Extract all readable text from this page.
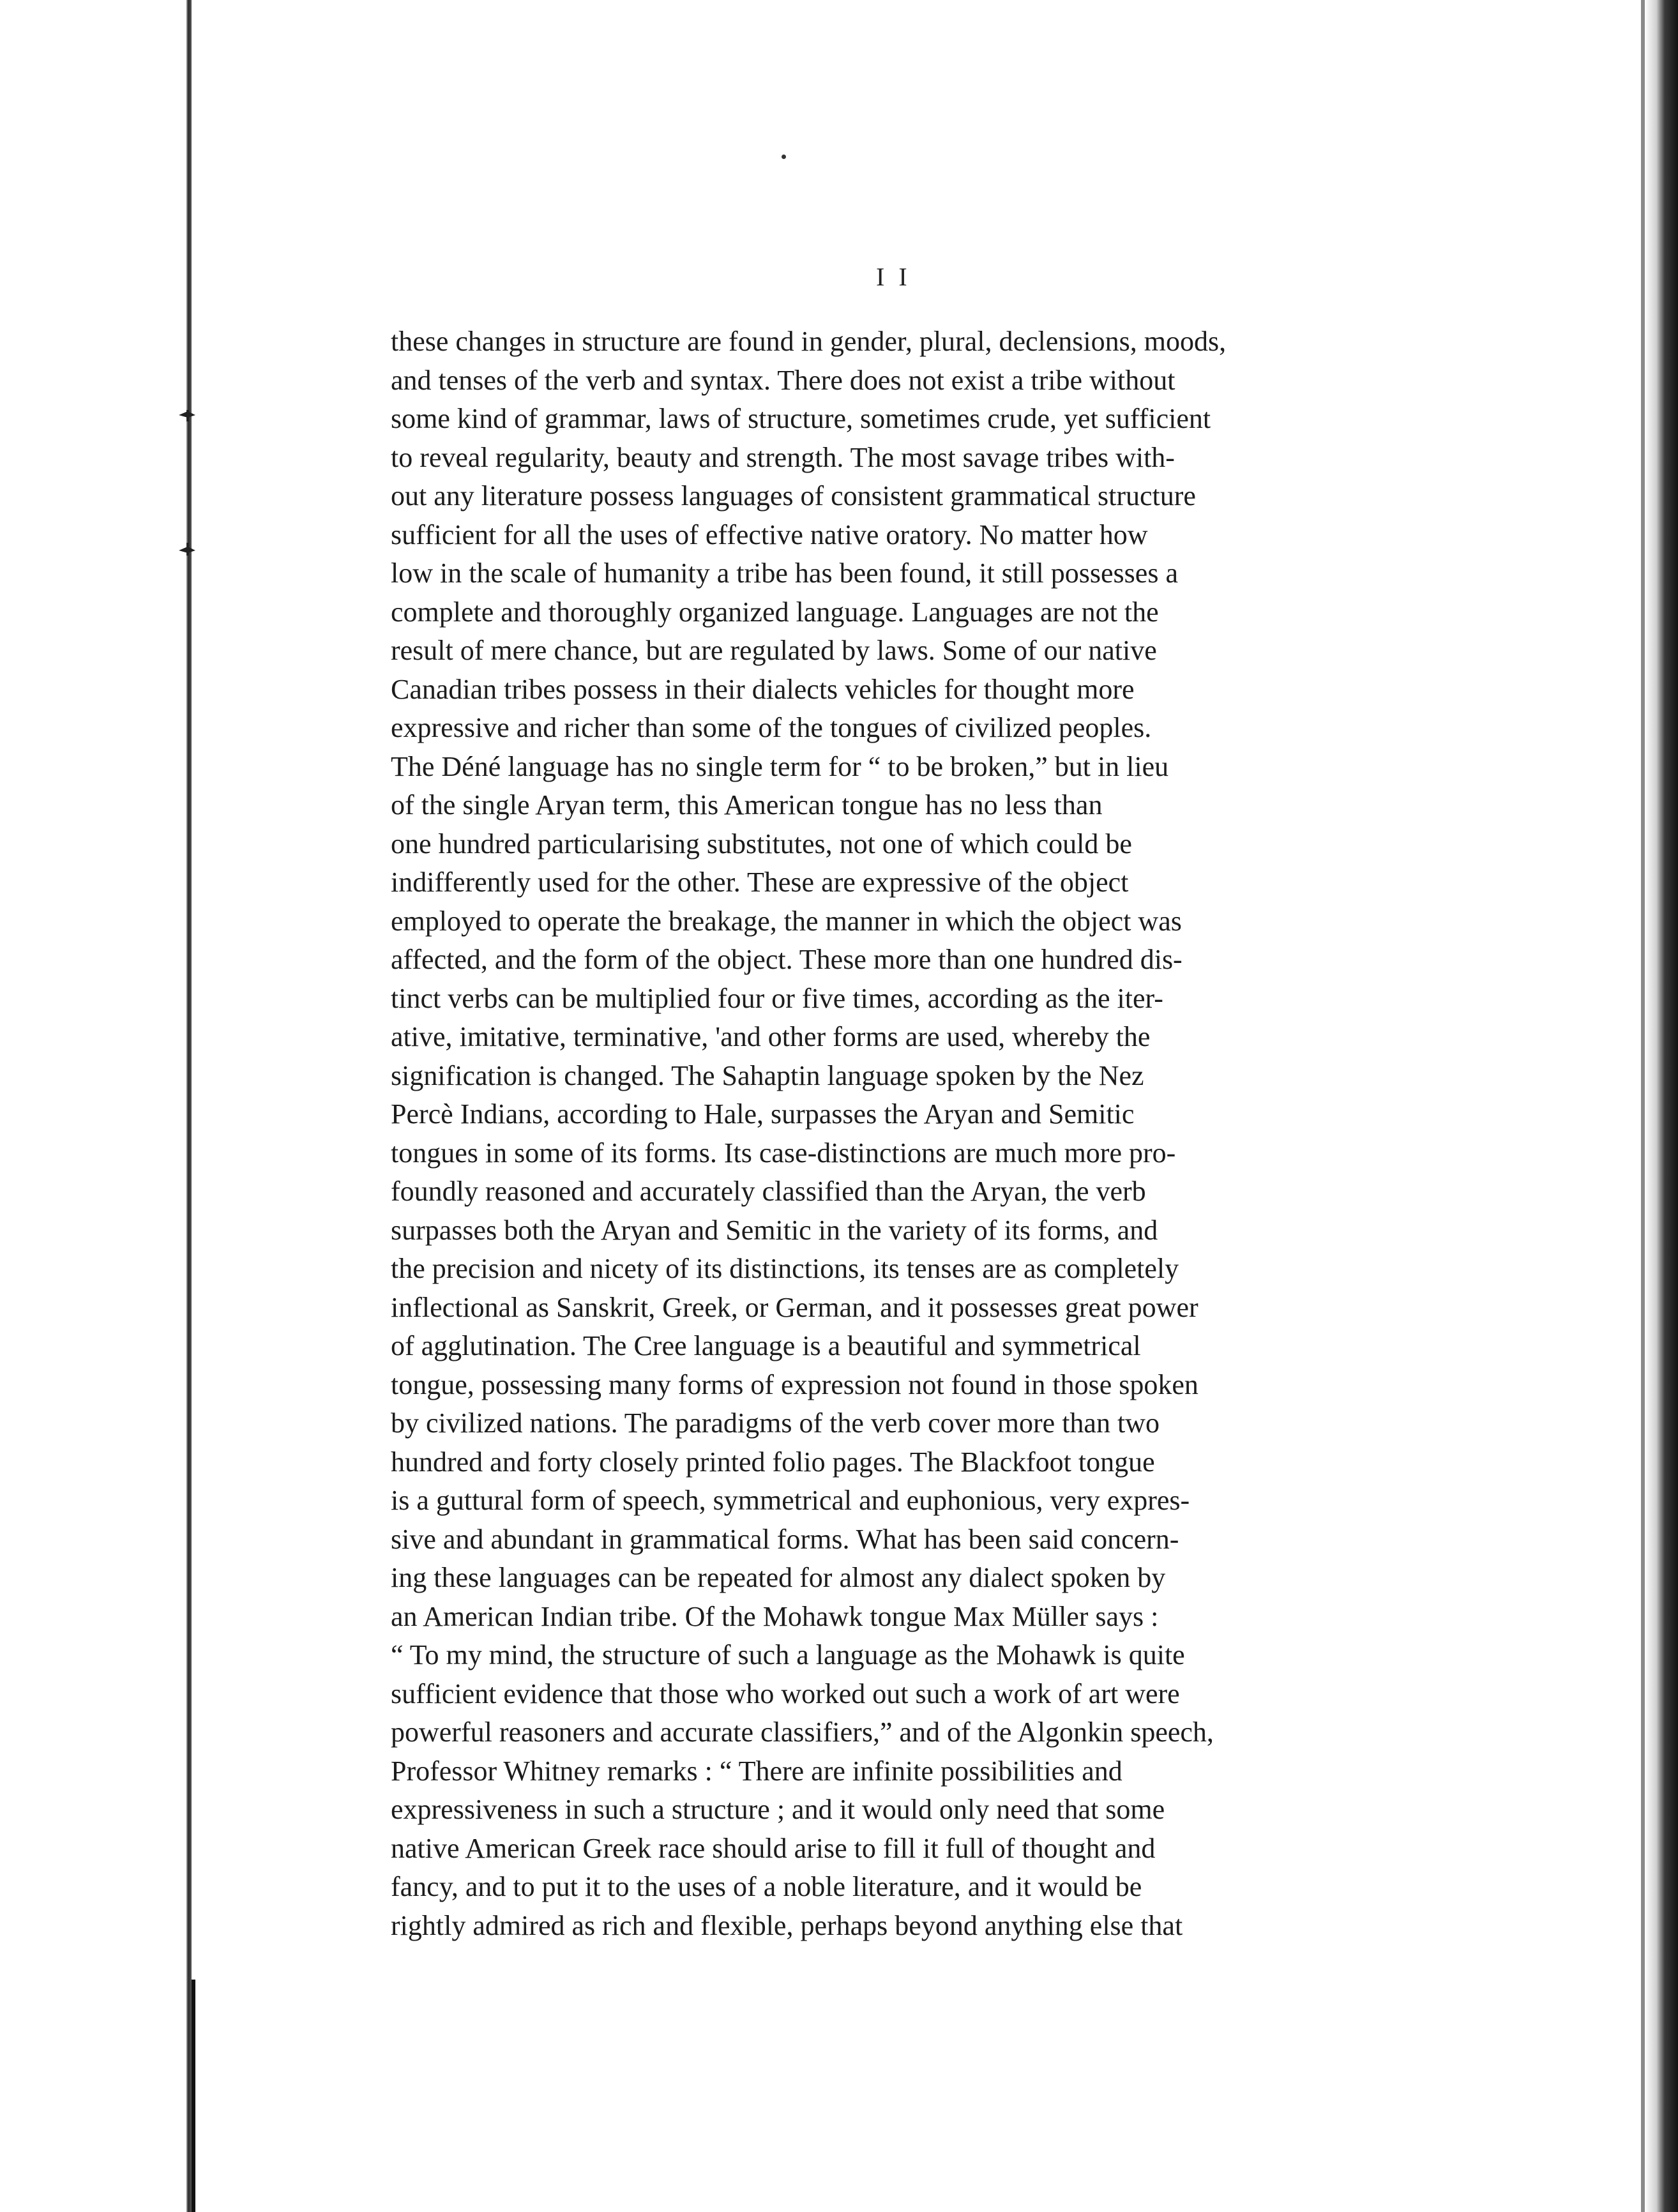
I I
these changes in structure are found in gender, plural, declensions, moods,
and tenses of the verb and syntax. There does not exist a tribe without
some kind of grammar, laws of structure, sometimes crude, yet sufficient
to reveal regularity, beauty and strength. The most savage tribes with-
out any literature possess languages of consistent grammatical structure
sufficient for all the uses of effective native oratory. No matter how
low in the scale of humanity a tribe has been found, it still possesses a
complete and thoroughly organized language. Languages are not the
result of mere chance, but are regulated by laws. Some of our native
Canadian tribes possess in their dialects vehicles for thought more
expressive and richer than some of the tongues of civilized peoples.
The Déné language has no single term for “ to be broken,” but in lieu
of the single Aryan term, this American tongue has no less than
one hundred particularising substitutes, not one of which could be
indifferently used for the other. These are expressive of the object
employed to operate the breakage, the manner in which the object was
affected, and the form of the object. These more than one hundred dis-
tinct verbs can be multiplied four or five times, according as the iter-
ative, imitative, terminative, 'and other forms are used, whereby the
signification is changed. The Sahaptin language spoken by the Nez
Percè Indians, according to Hale, surpasses the Aryan and Semitic
tongues in some of its forms. Its case-distinctions are much more pro-
foundly reasoned and accurately classified than the Aryan, the verb
surpasses both the Aryan and Semitic in the variety of its forms, and
the precision and nicety of its distinctions, its tenses are as completely
inflectional as Sanskrit, Greek, or German, and it possesses great power
of agglutination. The Cree language is a beautiful and symmetrical
tongue, possessing many forms of expression not found in those spoken
by civilized nations. The paradigms of the verb cover more than two
hundred and forty closely printed folio pages. The Blackfoot tongue
is a guttural form of speech, symmetrical and euphonious, very expres-
sive and abundant in grammatical forms. What has been said concern-
ing these languages can be repeated for almost any dialect spoken by
an American Indian tribe. Of the Mohawk tongue Max Müller says :
“ To my mind, the structure of such a language as the Mohawk is quite
sufficient evidence that those who worked out such a work of art were
powerful reasoners and accurate classifiers,” and of the Algonkin speech,
Professor Whitney remarks : “ There are infinite possibilities and
expressiveness in such a structure ; and it would only need that some
native American Greek race should arise to fill it full of thought and
fancy, and to put it to the uses of a noble literature, and it would be
rightly admired as rich and flexible, perhaps beyond anything else that
